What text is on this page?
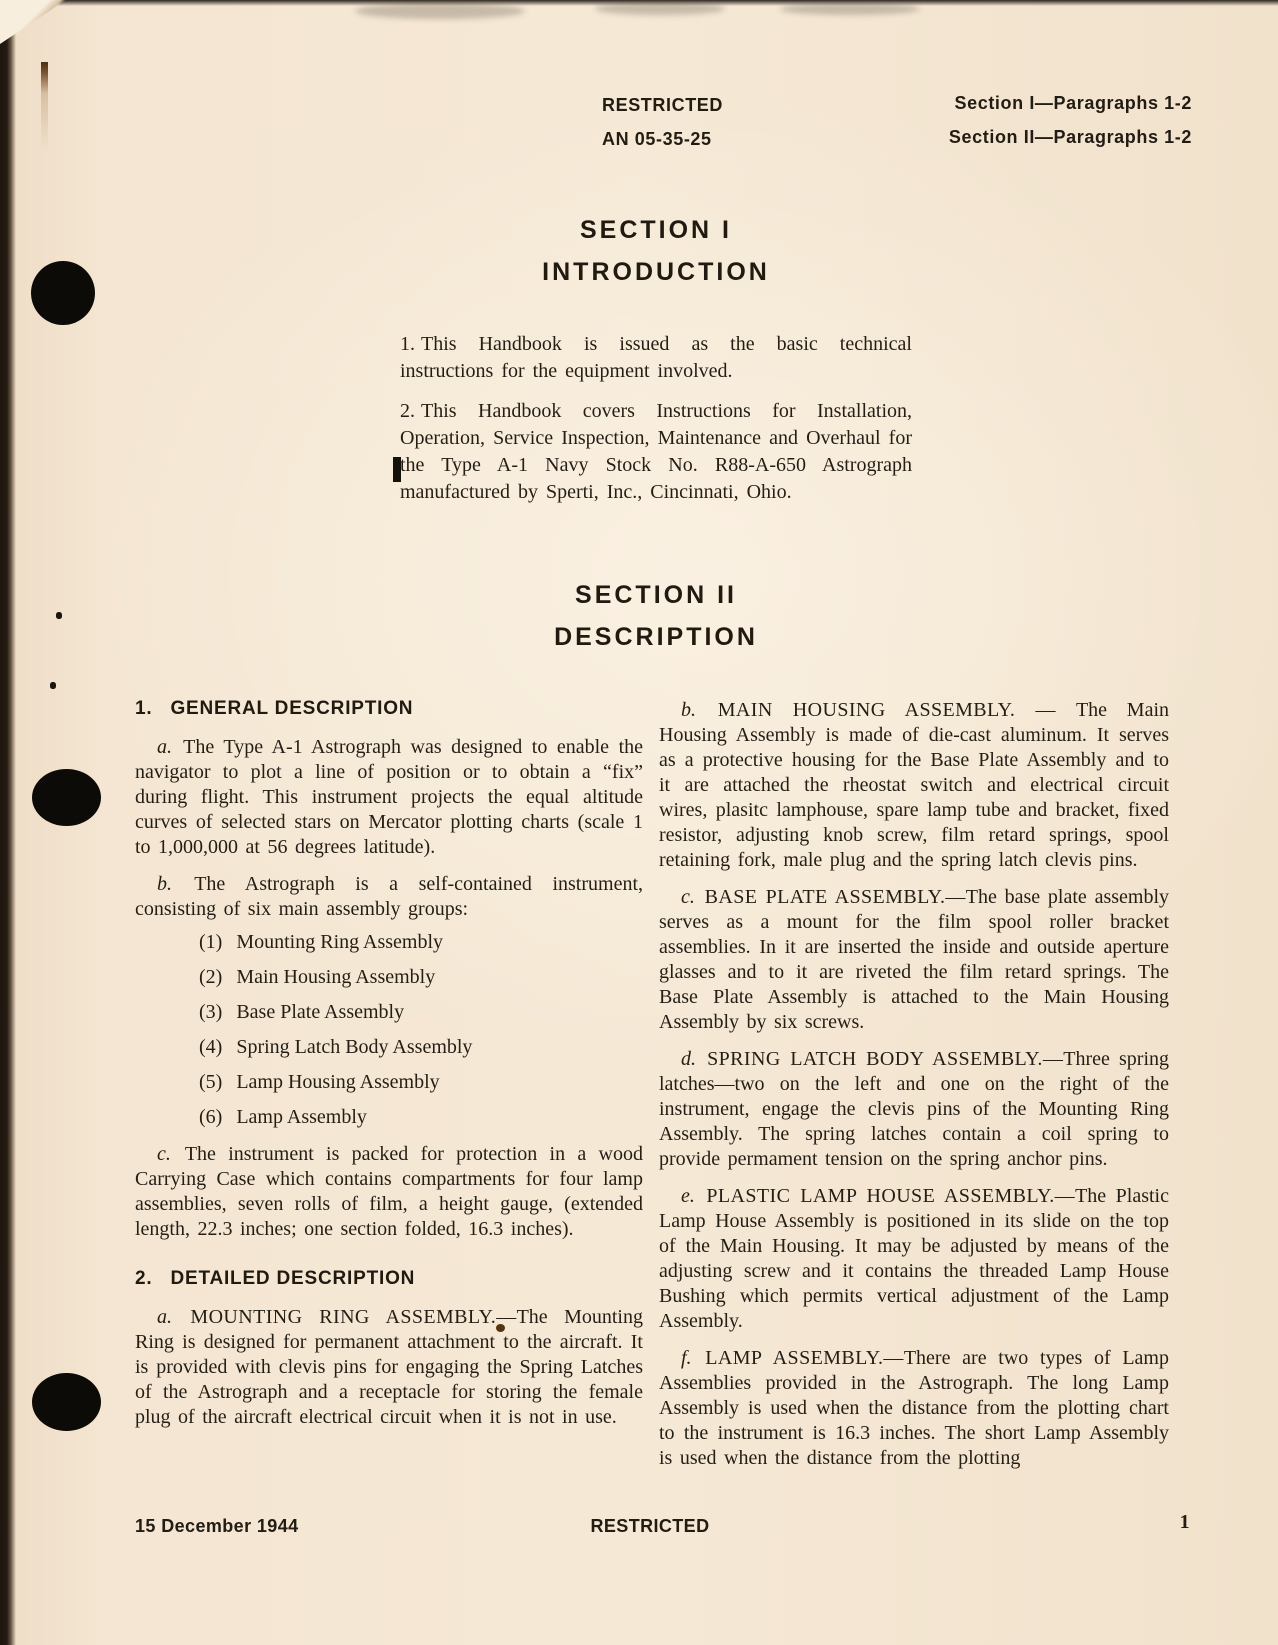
RESTRICTED
AN 05-35-25
Section I—Paragraphs 1-2
Section II—Paragraphs 1-2
SECTION I
INTRODUCTION

1. This Handbook is issued as the basic technical instructions for the equipment involved.

2. This Handbook covers Instructions for Installation, Operation, Service Inspection, Maintenance and Overhaul for the Type A-1 Navy Stock No. R88-A-650 Astrograph manufactured by Sperti, Inc., Cincinnati, Ohio.

SECTION II
DESCRIPTION
1. GENERAL DESCRIPTION

a. The Type A-1 Astrograph was designed to enable the navigator to plot a line of position or to obtain a “fix” during flight. This instrument projects the equal altitude curves of selected stars on Mercator plotting charts (scale 1 to 1,000,000 at 56 degrees latitude).

b. The Astrograph is a self-contained instrument, consisting of six main assembly groups:

(1) Mounting Ring Assembly
(2) Main Housing Assembly
(3) Base Plate Assembly
(4) Spring Latch Body Assembly
(5) Lamp Housing Assembly
(6) Lamp Assembly

c. The instrument is packed for protection in a wood Carrying Case which contains compartments for four lamp assemblies, seven rolls of film, a height gauge, (extended length, 22.3 inches; one section folded, 16.3 inches).

2. DETAILED DESCRIPTION

a. MOUNTING RING ASSEMBLY.—The Mounting Ring is designed for permanent attachment to the aircraft. It is provided with clevis pins for engaging the Spring Latches of the Astrograph and a receptacle for storing the female plug of the aircraft electrical circuit when it is not in use.

b. MAIN HOUSING ASSEMBLY. — The Main Housing Assembly is made of die-cast aluminum. It serves as a protective housing for the Base Plate Assembly and to it are attached the rheostat switch and electrical circuit wires, plasitc lamphouse, spare lamp tube and bracket, fixed resistor, adjusting knob screw, film retard springs, spool retaining fork, male plug and the spring latch clevis pins.

c. BASE PLATE ASSEMBLY.—The base plate assembly serves as a mount for the film spool roller bracket assemblies. In it are inserted the inside and outside aperture glasses and to it are riveted the film retard springs. The Base Plate Assembly is attached to the Main Housing Assembly by six screws.

d. SPRING LATCH BODY ASSEMBLY.—Three spring latches—two on the left and one on the right of the instrument, engage the clevis pins of the Mounting Ring Assembly. The spring latches contain a coil spring to provide permament tension on the spring anchor pins.

e. PLASTIC LAMP HOUSE ASSEMBLY.—The Plastic Lamp House Assembly is positioned in its slide on the top of the Main Housing. It may be adjusted by means of the adjusting screw and it contains the threaded Lamp House Bushing which permits vertical adjustment of the Lamp Assembly.

f. LAMP ASSEMBLY.—There are two types of Lamp Assemblies provided in the Astrograph. The long Lamp Assembly is used when the distance from the plotting chart to the instrument is 16.3 inches. The short Lamp Assembly is used when the distance from the plotting

15 December 1944	RESTRICTED	1
